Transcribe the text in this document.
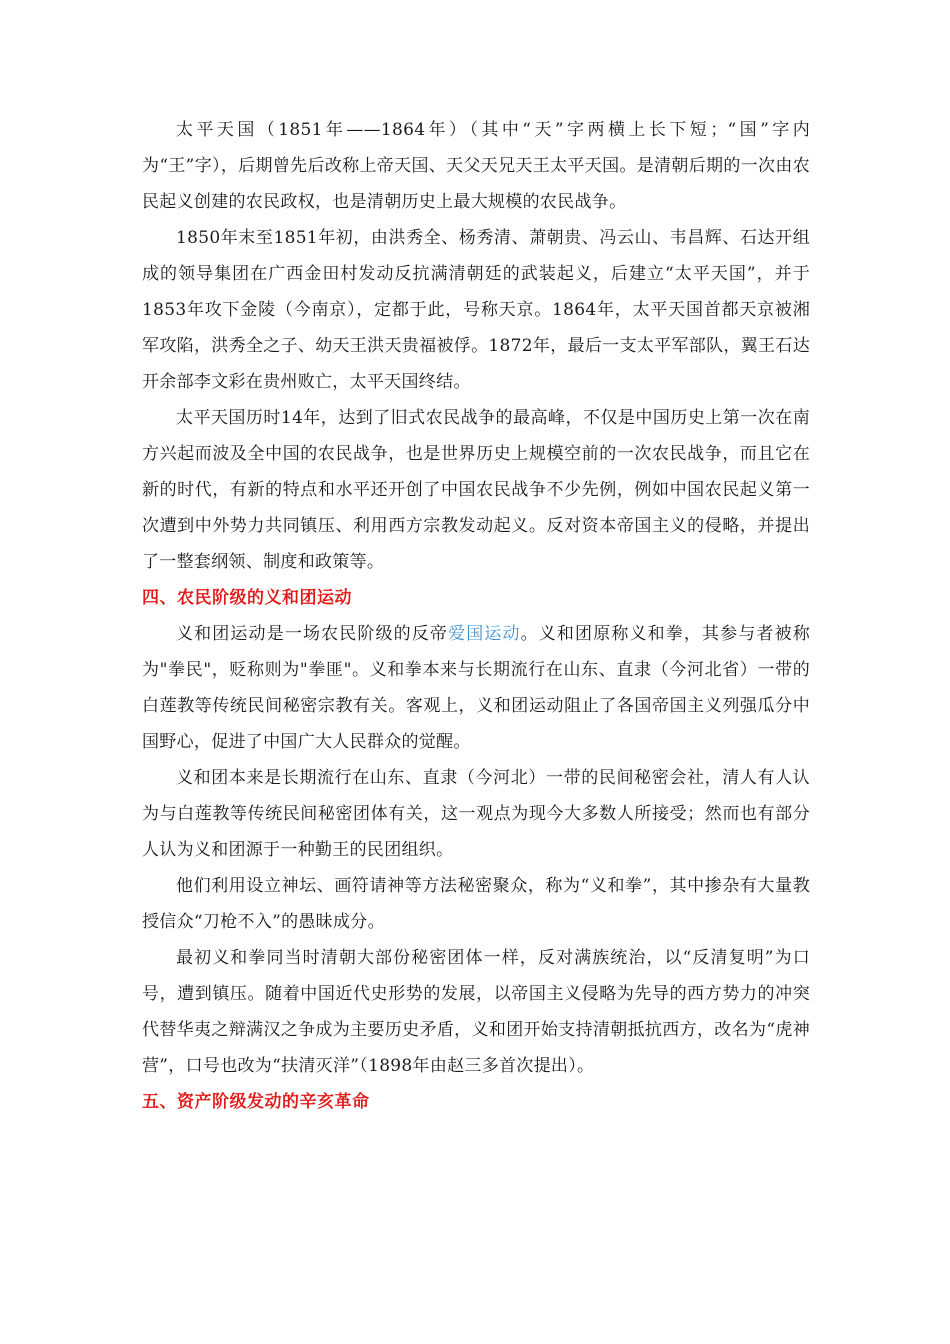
太平天国（1851年——1864年）（其中“天”字两横上长下短；“国”字内为“王”字），后期曾先后改称上帝天国、天父天兄天王太平天国。是清朝后期的一次由农民起义创建的农民政权，也是清朝历史上最大规模的农民战争。

1850年末至1851年初，由洪秀全、杨秀清、萧朝贵、冯云山、韦昌辉、石达开组成的领导集团在广西金田村发动反抗满清朝廷的武装起义，后建立“太平天国”，并于1853年攻下金陵（今南京），定都于此，号称天京。1864年，太平天国首都天京被湘军攻陷，洪秀全之子、幼天王洪天贵福被俘。1872年，最后一支太平军部队，翼王石达开余部李文彩在贵州败亡，太平天国终结。

太平天国历时14年，达到了旧式农民战争的最高峰，不仅是中国历史上第一次在南方兴起而波及全中国的农民战争，也是世界历史上规模空前的一次农民战争，而且它在新的时代，有新的特点和水平还开创了中国农民战争不少先例，例如中国农民起义第一次遭到中外势力共同镇压、利用西方宗教发动起义。反对资本帝国主义的侵略，并提出了一整套纲领、制度和政策等。

四、农民阶级的义和团运动

义和团运动是一场农民阶级的反帝爱国运动。义和团原称义和拳，其参与者被称为"拳民"，贬称则为"拳匪"。义和拳本来与长期流行在山东、直隶（今河北省）一带的白莲教等传统民间秘密宗教有关。客观上，义和团运动阻止了各国帝国主义列强瓜分中国野心，促进了中国广大人民群众的觉醒。

义和团本来是长期流行在山东、直隶（今河北）一带的民间秘密会社，清人有人认为与白莲教等传统民间秘密团体有关，这一观点为现今大多数人所接受；然而也有部分人认为义和团源于一种勤王的民团组织。

他们利用设立神坛、画符请神等方法秘密聚众，称为“义和拳”，其中掺杂有大量教授信众“刀枪不入”的愚昧成分。

最初义和拳同当时清朝大部份秘密团体一样，反对满族统治，以“反清复明”为口号，遭到镇压。随着中国近代史形势的发展，以帝国主义侵略为先导的西方势力的冲突代替华夷之辩满汉之争成为主要历史矛盾，义和团开始支持清朝抵抗西方，改名为“虎神营”，口号也改为“扶清灭洋”（1898年由赵三多首次提出）。

五、资产阶级发动的辛亥革命
